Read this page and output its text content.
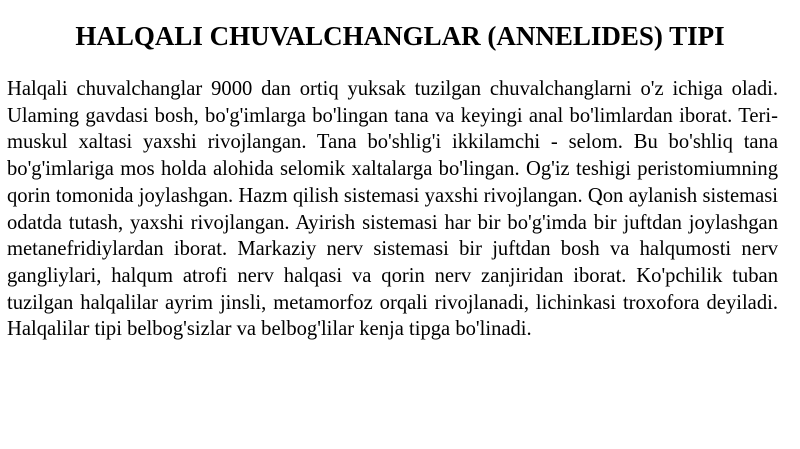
HALQALI CHUVALCHANGLAR (ANNELIDES) TIPI

Halqali chuvalchanglar 9000 dan ortiq yuksak tuzilgan chuvalchanglarni o'z ichiga oladi. Ulaming gavdasi bosh, bo'g'imlarga bo'lingan tana va keyingi anal bo'limlardan iborat. Teri-muskul xaltasi yaxshi rivojlangan. Tana bo'shlig'i ikkilamchi - selom. Bu bo'shliq tana bo'g'imlariga mos holda alohida selomik xaltalarga bo'lingan. Og'iz teshigi peristomiumning qorin tomonida joylashgan. Hazm qilish sistemasi yaxshi rivojlangan. Qon aylanish sistemasi odatda tutash, yaxshi rivojlangan. Ayirish sistemasi har bir bo'g'imda bir juftdan joylashgan metanefridiylardan iborat. Markaziy nerv sistemasi bir juftdan bosh va halqumosti nerv gangliylari, halqum atrofi nerv halqasi va qorin nerv zanjiridan iborat. Ko'pchilik tuban tuzilgan halqalilar ayrim jinsli, metamorfoz orqali rivojlanadi, lichinkasi troxofora deyiladi. Halqalilar tipi belbog'sizlar va belbog'lilar kenja tipga bo'linadi.
